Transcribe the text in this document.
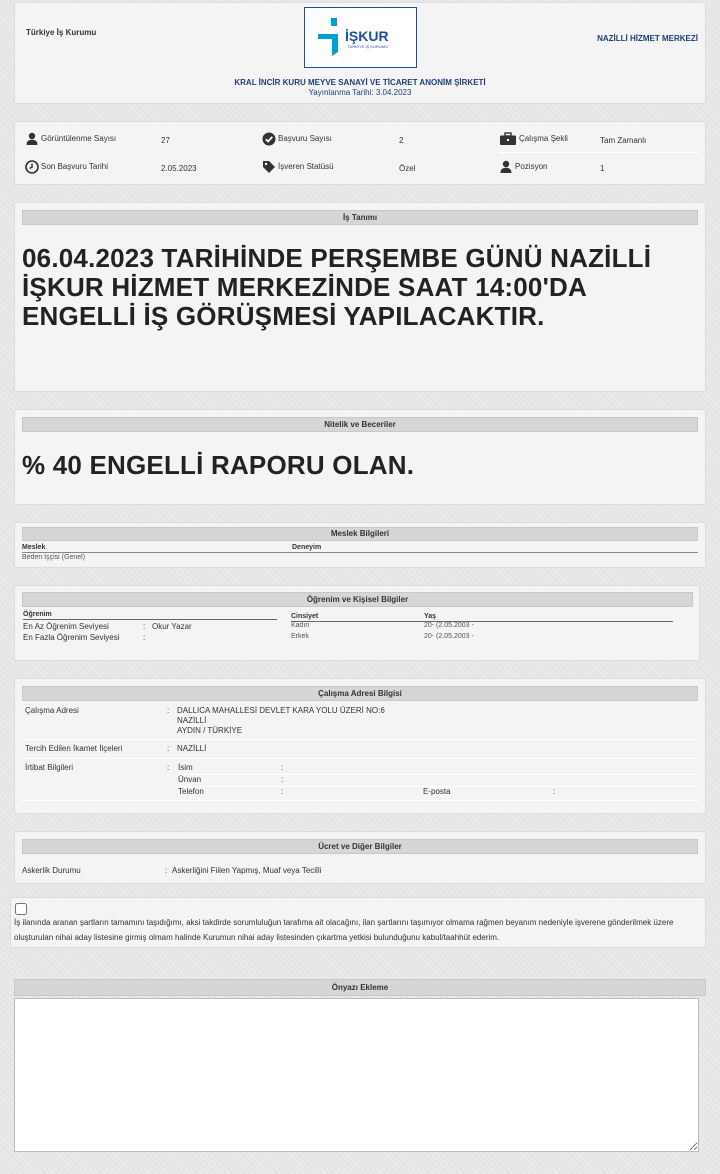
Türkiye İş Kurumu	İŞKUR
TÜRKİYE İŞ KURUMU
NAZİLLİ HİZMET MERKEZİ
KRAL İNCİR KURU MEYVE SANAYİ VE TİCARET ANONİM ŞİRKETİ
Yayınlanma Tarihi: 3.04.2023
Görüntülenme Sayısı	27	Başvuru Sayısı	2	Çalışma Şekli	Tam Zamanlı
Son Başvuru Tarihi	2.05.2023	İşveren Statüsü	Özel	Pozisyon	1
İş Tanımı
06.04.2023 TARİHİNDE PERŞEMBE GÜNÜ NAZİLLİ İŞKUR HİZMET MERKEZİNDE SAAT 14:00'DA ENGELLİ İŞ GÖRÜŞMESİ YAPILACAKTIR.
Nitelik ve Beceriler
% 40 ENGELLİ RAPORU OLAN.
Meslek Bilgileri
Meslek	Deneyim
Beden İşçisi (Genel)
Öğrenim ve Kişisel Bilgiler
Öğrenim
En Az Öğrenim Seviyesi	: Okur Yazar
En Fazla Öğrenim Seviyesi	:
Cinsiyet	Yaş
Kadın	20- (2.05.2003 -
Erkek	20- (2.05.2003 -
Çalışma Adresi Bilgisi
Çalışma Adresi	: DALLICA MAHALLESİ DEVLET KARA YOLU ÜZERİ NO:6
NAZİLLİ
AYDIN / TÜRKİYE
Tercih Edilen İkamet İlçeleri	: NAZİLLİ
İrtibat Bilgileri	: İsim	:
Ünvan	:
Telefon	:	E-posta	:
Ücret ve Diğer Bilgiler
Askerlik Durumu	: Askerliğini Fiilen Yapmış, Muaf veya Tecilli
İş ilanında aranan şartların tamamını taşıdığımı, aksi takdirde sorumluluğun tarafıma ait olacağını, ilan şartlarını taşımıyor olmama rağmen beyanım nedeniyle işverene gönderilmek üzere oluşturulan nihai aday listesine girmiş olmam halinde Kurumun nihai aday listesinden çıkartma yetkisi bulunduğunu kabul/taahhüt ederim.
Önyazı Ekleme
